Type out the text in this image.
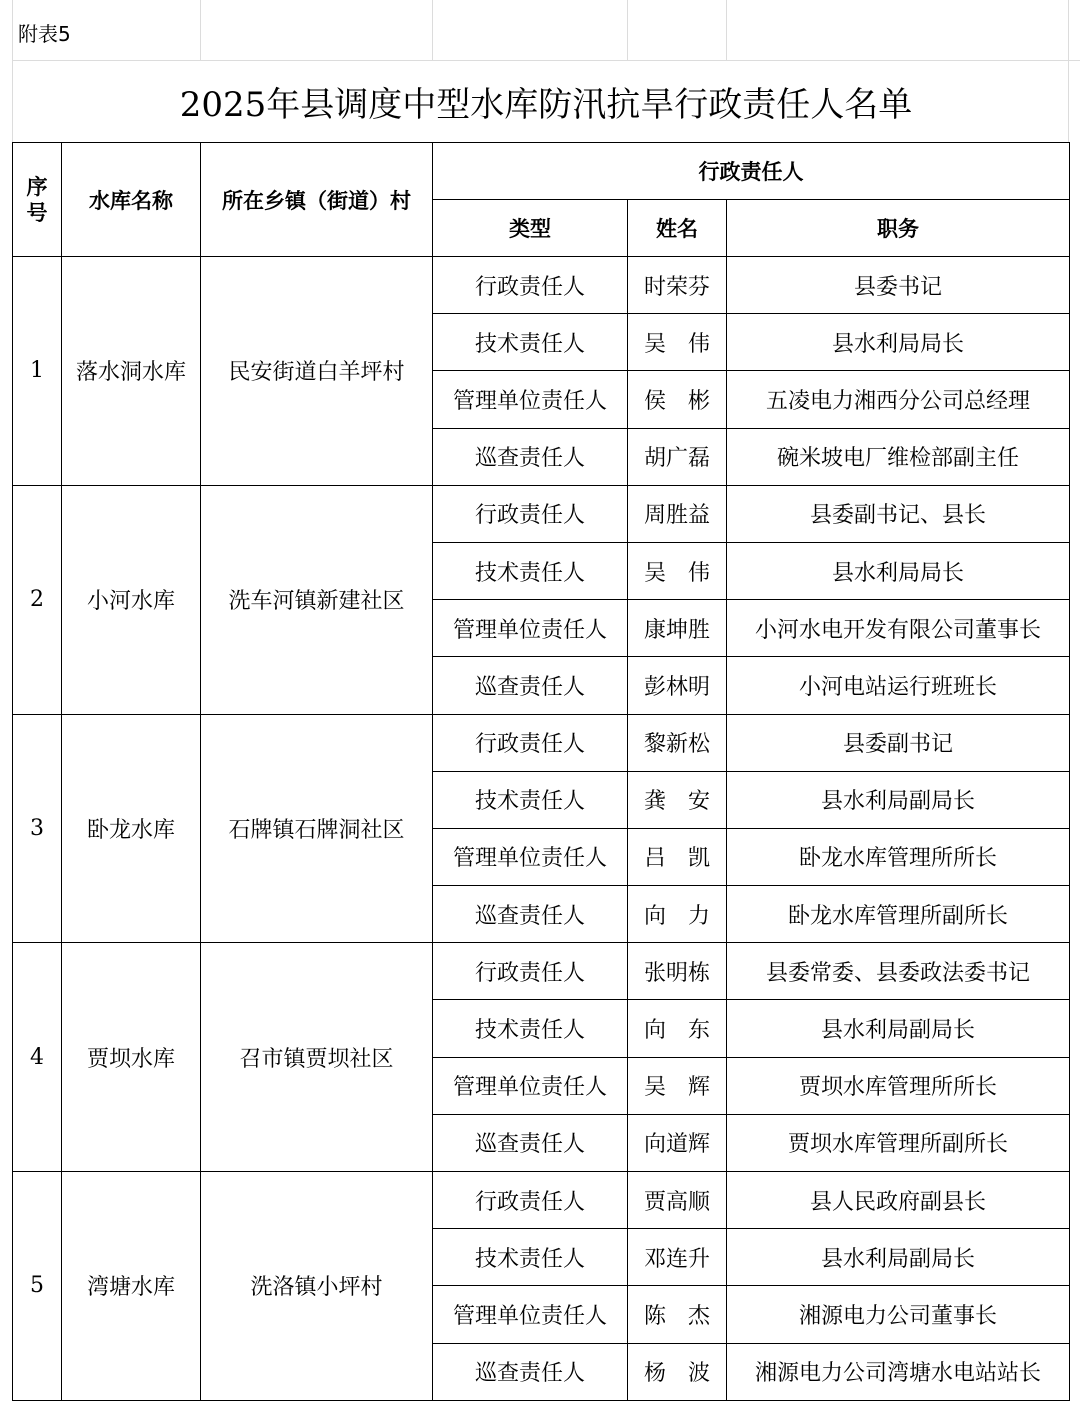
附表5
2025年县调度中型水库防汛抗旱行政责任人名单
序
号	水库名称	所在乡镇（街道）村	行政责任人		
			类型	姓名	职务
1	落水洞水库	民安街道白羊坪村	行政责任人	时荣芬	县委书记
			技术责任人	吴　伟	县水利局局长
			管理单位责任人	侯　彬	五凌电力湘西分公司总经理
			巡查责任人	胡广磊	碗米坡电厂维检部副主任
2	小河水库	洗车河镇新建社区	行政责任人	周胜益	县委副书记、县长
			技术责任人	吴　伟	县水利局局长
			管理单位责任人	康坤胜	小河水电开发有限公司董事长
			巡查责任人	彭林明	小河电站运行班班长
3	卧龙水库	石牌镇石牌洞社区	行政责任人	黎新松	县委副书记
			技术责任人	龚　安	县水利局副局长
			管理单位责任人	吕　凯	卧龙水库管理所所长
			巡查责任人	向　力	卧龙水库管理所副所长
4	贾坝水库	召市镇贾坝社区	行政责任人	张明栋	县委常委、县委政法委书记
			技术责任人	向　东	县水利局副局长
			管理单位责任人	吴　辉	贾坝水库管理所所长
			巡查责任人	向道辉	贾坝水库管理所副所长
5	湾塘水库	洗洛镇小坪村	行政责任人	贾高顺	县人民政府副县长
			技术责任人	邓连升	县水利局副局长
			管理单位责任人	陈　杰	湘源电力公司董事长
			巡查责任人	杨　波	湘源电力公司湾塘水电站站长
